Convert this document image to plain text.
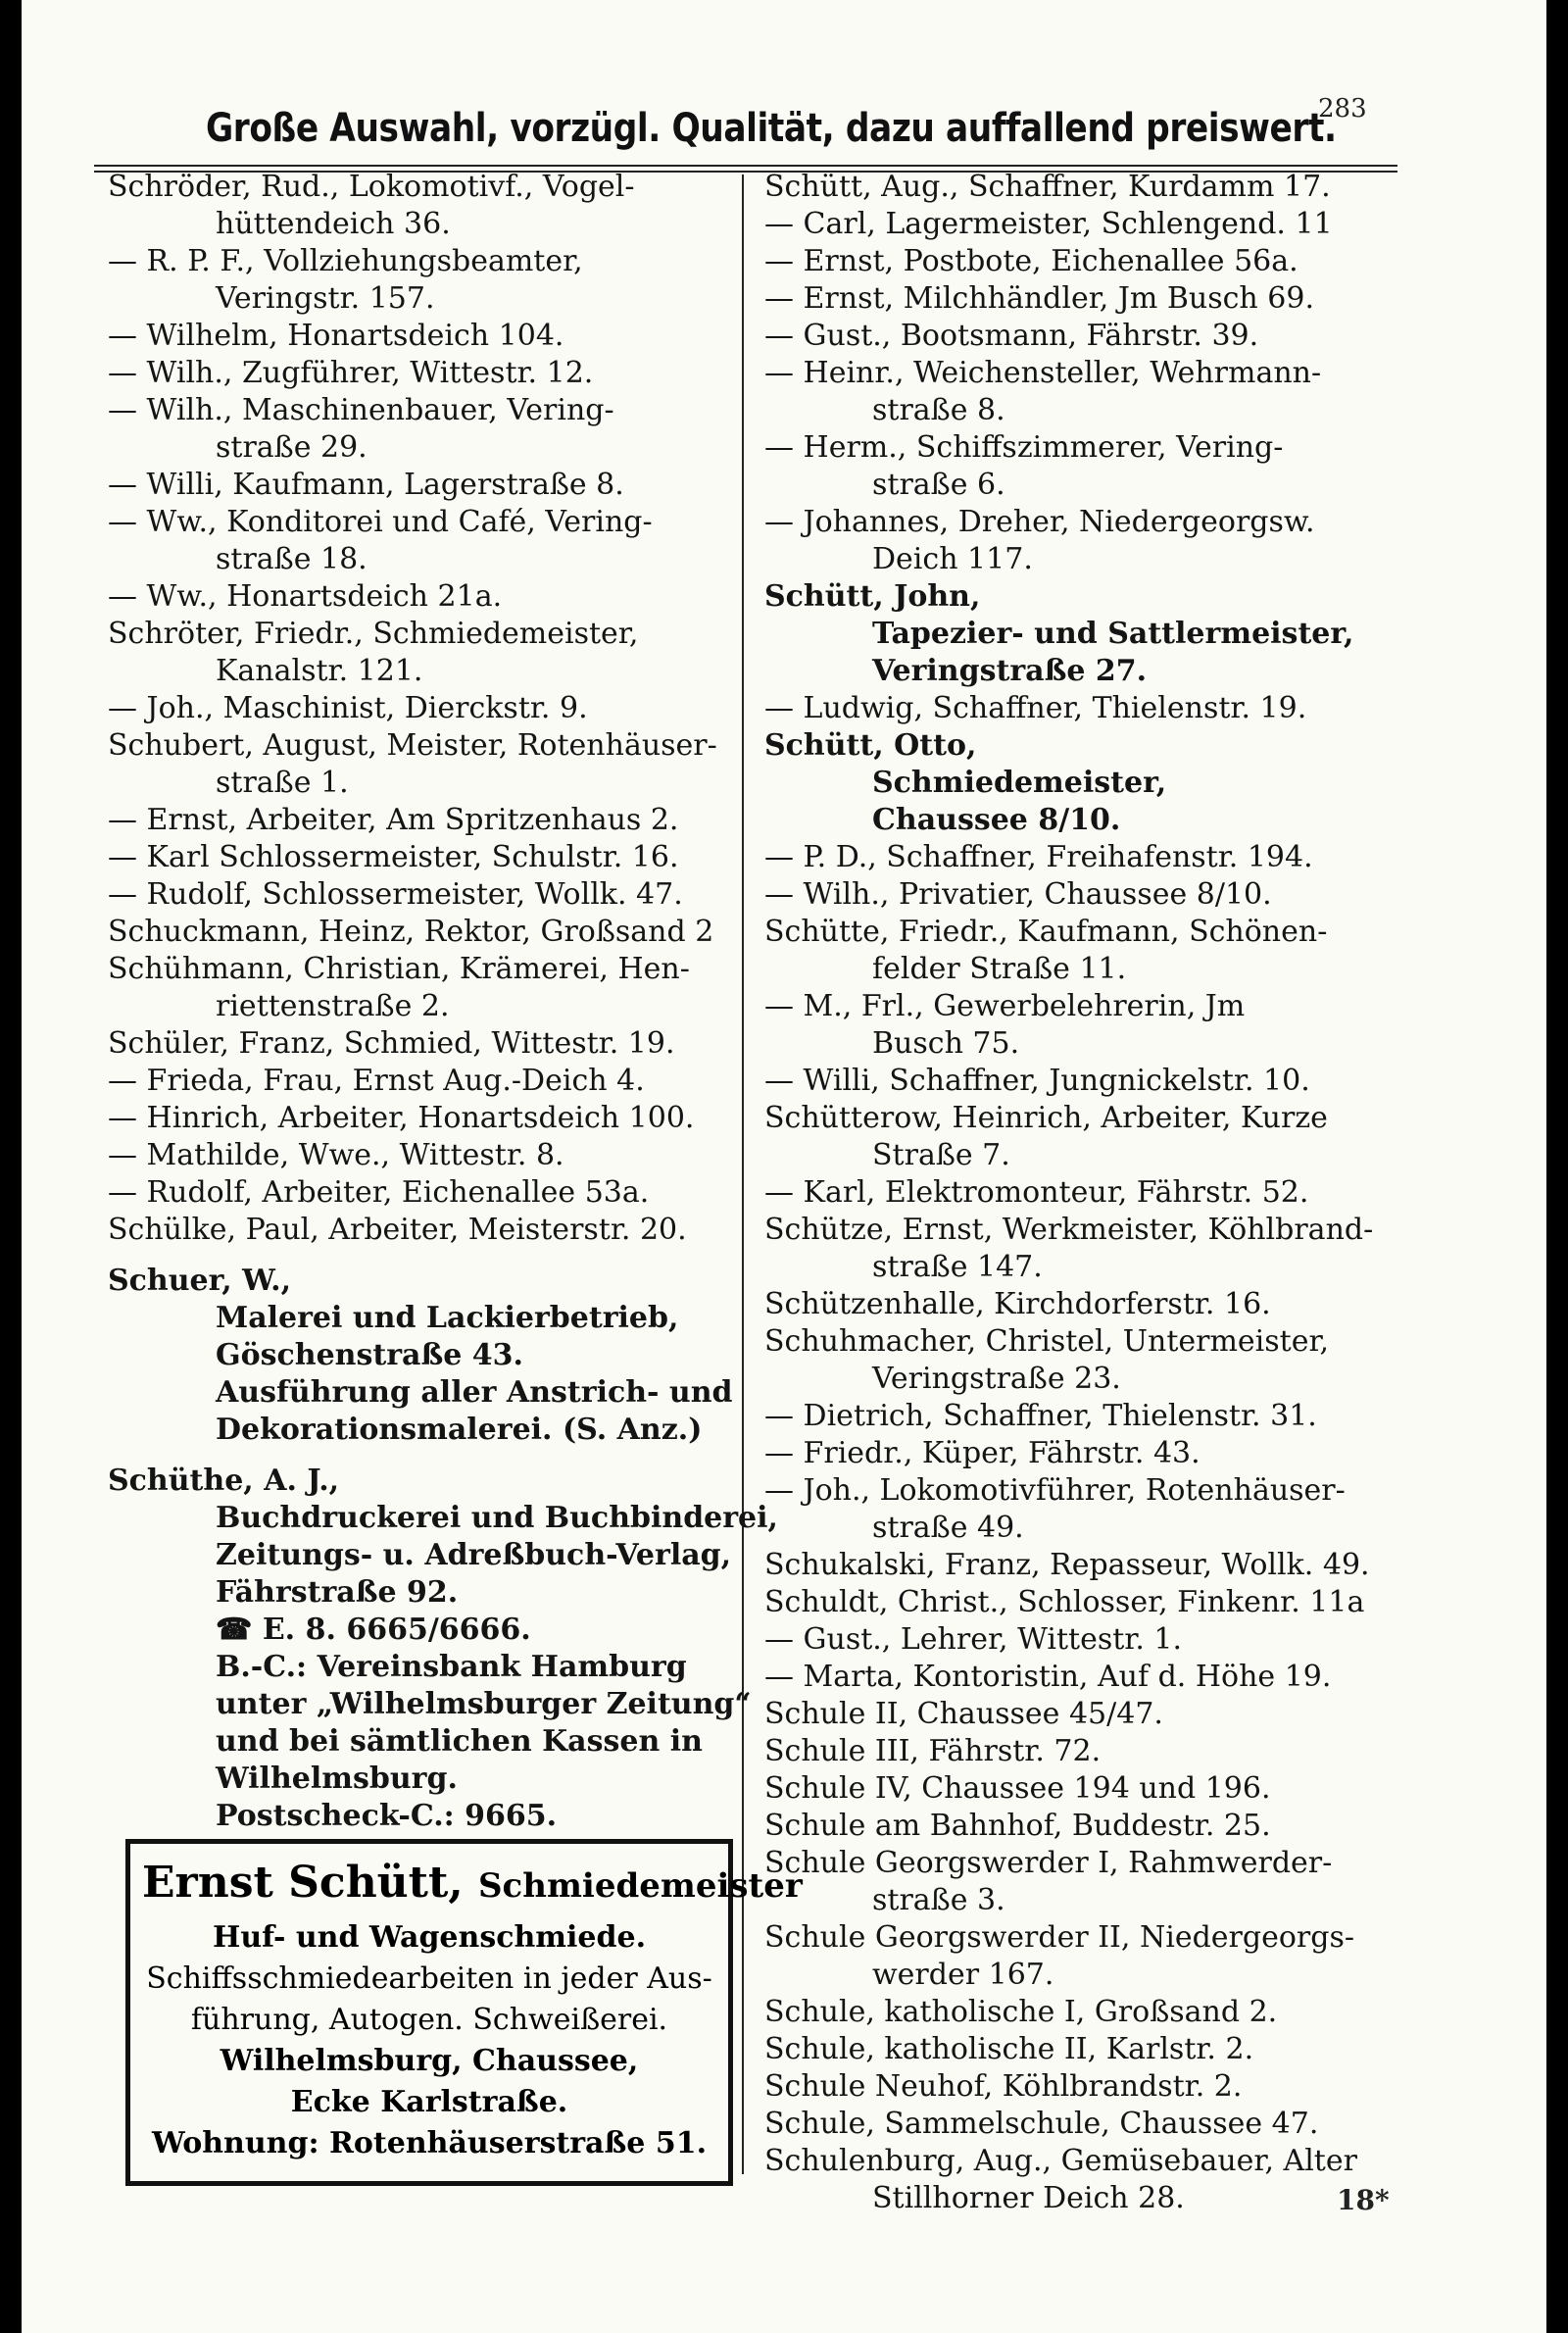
Große Auswahl, vorzügl. Qualität, dazu auffallend preiswert.
283
Schröder, Rud., Lokomotivf., Vogel-
hüttendeich 36.
— R. P. F., Vollziehungsbeamter,
Veringstr. 157.
— Wilhelm, Honartsdeich 104.
— Wilh., Zugführer, Wittestr. 12.
— Wilh., Maschinenbauer, Vering-
straße 29.
— Willi, Kaufmann, Lagerstraße 8.
— Ww., Konditorei und Café, Vering-
straße 18.
— Ww., Honartsdeich 21a.
Schröter, Friedr., Schmiedemeister,
Kanalstr. 121.
— Joh., Maschinist, Dierckstr. 9.
Schubert, August, Meister, Rotenhäuser-
straße 1.
— Ernst, Arbeiter, Am Spritzenhaus 2.
— Karl Schlossermeister, Schulstr. 16.
— Rudolf, Schlossermeister, Wollk. 47.
Schuckmann, Heinz, Rektor, Großsand 2
Schühmann, Christian, Krämerei, Hen-
riettenstraße 2.
Schüler, Franz, Schmied, Wittestr. 19.
— Frieda, Frau, Ernst Aug.-Deich 4.
— Hinrich, Arbeiter, Honartsdeich 100.
— Mathilde, Wwe., Wittestr. 8.
— Rudolf, Arbeiter, Eichenallee 53a.
Schülke, Paul, Arbeiter, Meisterstr. 20.
Schuer, W.,
Malerei und Lackierbetrieb,
Göschenstraße 43.
Ausführung aller Anstrich- und
Dekorationsmalerei. (S. Anz.)
Schüthe, A. J.,
Buchdruckerei und Buchbinderei,
Zeitungs- u. Adreßbuch-Verlag,
Fährstraße 92.
☎ E. 8. 6665/6666.
B.-C.: Vereinsbank Hamburg
unter „Wilhelmsburger Zeitung“
und bei sämtlichen Kassen in
Wilhelmsburg.
Postscheck-C.: 9665.
Schütt, Aug., Schaffner, Kurdamm 17.
— Carl, Lagermeister, Schlengend. 11
— Ernst, Postbote, Eichenallee 56a.
— Ernst, Milchhändler, Jm Busch 69.
— Gust., Bootsmann, Fährstr. 39.
— Heinr., Weichensteller, Wehrmann-
straße 8.
— Herm., Schiffszimmerer, Vering-
straße 6.
— Johannes, Dreher, Niedergeorgsw.
Deich 117.
Schütt, John,
Tapezier- und Sattlermeister,
Veringstraße 27.
— Ludwig, Schaffner, Thielenstr. 19.
Schütt, Otto,
Schmiedemeister,
Chaussee 8/10.
— P. D., Schaffner, Freihafenstr. 194.
— Wilh., Privatier, Chaussee 8/10.
Schütte, Friedr., Kaufmann, Schönen-
felder Straße 11.
— M., Frl., Gewerbelehrerin, Jm
Busch 75.
— Willi, Schaffner, Jungnickelstr. 10.
Schütterow, Heinrich, Arbeiter, Kurze
Straße 7.
— Karl, Elektromonteur, Fährstr. 52.
Schütze, Ernst, Werkmeister, Köhlbrand-
straße 147.
Schützenhalle, Kirchdorferstr. 16.
Schuhmacher, Christel, Untermeister,
Veringstraße 23.
— Dietrich, Schaffner, Thielenstr. 31.
— Friedr., Küper, Fährstr. 43.
— Joh., Lokomotivführer, Rotenhäuser-
straße 49.
Schukalski, Franz, Repasseur, Wollk. 49.
Schuldt, Christ., Schlosser, Finkenr. 11a
— Gust., Lehrer, Wittestr. 1.
— Marta, Kontoristin, Auf d. Höhe 19.
Schule II, Chaussee 45/47.
Schule III, Fährstr. 72.
Schule IV, Chaussee 194 und 196.
Schule am Bahnhof, Buddestr. 25.
Schule Georgswerder I, Rahmwerder-
straße 3.
Schule Georgswerder II, Niedergeorgs-
werder 167.
Schule, katholische I, Großsand 2.
Schule, katholische II, Karlstr. 2.
Schule Neuhof, Köhlbrandstr. 2.
Schule, Sammelschule, Chaussee 47.
Schulenburg, Aug., Gemüsebauer, Alter
Stillhorner Deich 28.
Ernst Schütt, Schmiedemeister
Huf- und Wagenschmiede.
Schiffsschmiedearbeiten in jeder Aus-
führung, Autogen. Schweißerei.
Wilhelmsburg, Chaussee,
Ecke Karlstraße.
Wohnung: Rotenhäuserstraße 51.
18*
